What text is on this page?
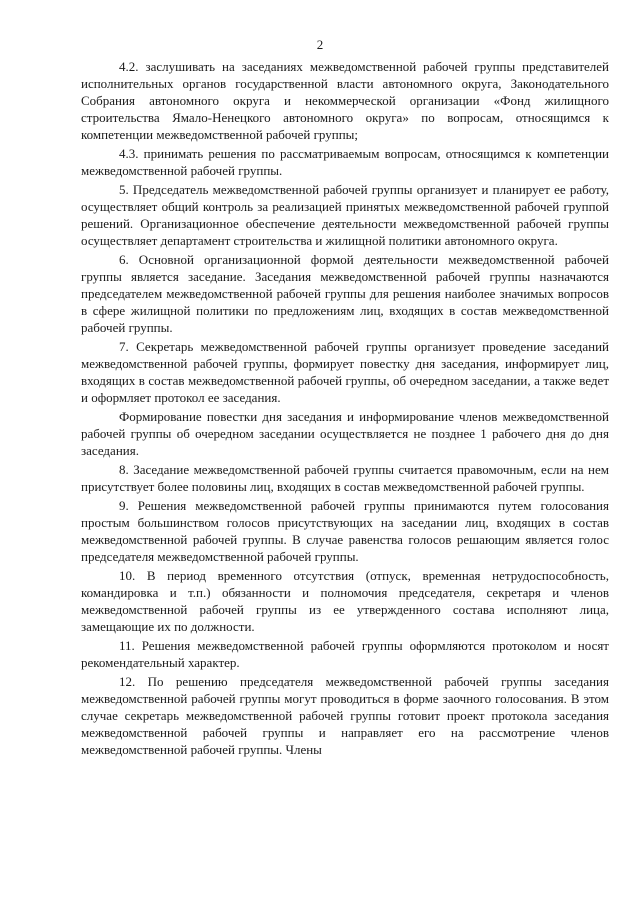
2

4.2. заслушивать на заседаниях межведомственной рабочей группы представителей исполнительных органов государственной власти автономного округа, Законодательного Собрания автономного округа и некоммерческой организации «Фонд жилищного строительства Ямало-Ненецкого автономного округа» по вопросам, относящимся к компетенции межведомственной рабочей группы;

4.3. принимать решения по рассматриваемым вопросам, относящимся к компетенции межведомственной рабочей группы.

5. Председатель межведомственной рабочей группы организует и планирует ее работу, осуществляет общий контроль за реализацией принятых межведомственной рабочей группой решений. Организационное обеспечение деятельности межведомственной рабочей группы осуществляет департамент строительства и жилищной политики автономного округа.

6. Основной организационной формой деятельности межведомственной рабочей группы является заседание. Заседания межведомственной рабочей группы назначаются председателем межведомственной рабочей группы для решения наиболее значимых вопросов в сфере жилищной политики по предложениям лиц, входящих в состав межведомственной рабочей группы.

7. Секретарь межведомственной рабочей группы организует проведение заседаний межведомственной рабочей группы, формирует повестку дня заседания, информирует лиц, входящих в состав межведомственной рабочей группы, об очередном заседании, а также ведет и оформляет протокол ее заседания.

Формирование повестки дня заседания и информирование членов межведомственной рабочей группы об очередном заседании осуществляется не позднее 1 рабочего дня до дня заседания.

8. Заседание межведомственной рабочей группы считается правомочным, если на нем присутствует более половины лиц, входящих в состав межведомственной рабочей группы.

9. Решения межведомственной рабочей группы принимаются путем голосования простым большинством голосов присутствующих на заседании лиц, входящих в состав межведомственной рабочей группы. В случае равенства голосов решающим является голос председателя межведомственной рабочей группы.

10. В период временного отсутствия (отпуск, временная нетрудоспособность, командировка и т.п.) обязанности и полномочия председателя, секретаря и членов межведомственной рабочей группы из ее утвержденного состава исполняют лица, замещающие их по должности.

11. Решения межведомственной рабочей группы оформляются протоколом и носят рекомендательный характер.

12. По решению председателя межведомственной рабочей группы заседания межведомственной рабочей группы могут проводиться в форме заочного голосования. В этом случае секретарь межведомственной рабочей группы готовит проект протокола заседания межведомственной рабочей группы и направляет его на рассмотрение членов межведомственной рабочей группы. Члены
